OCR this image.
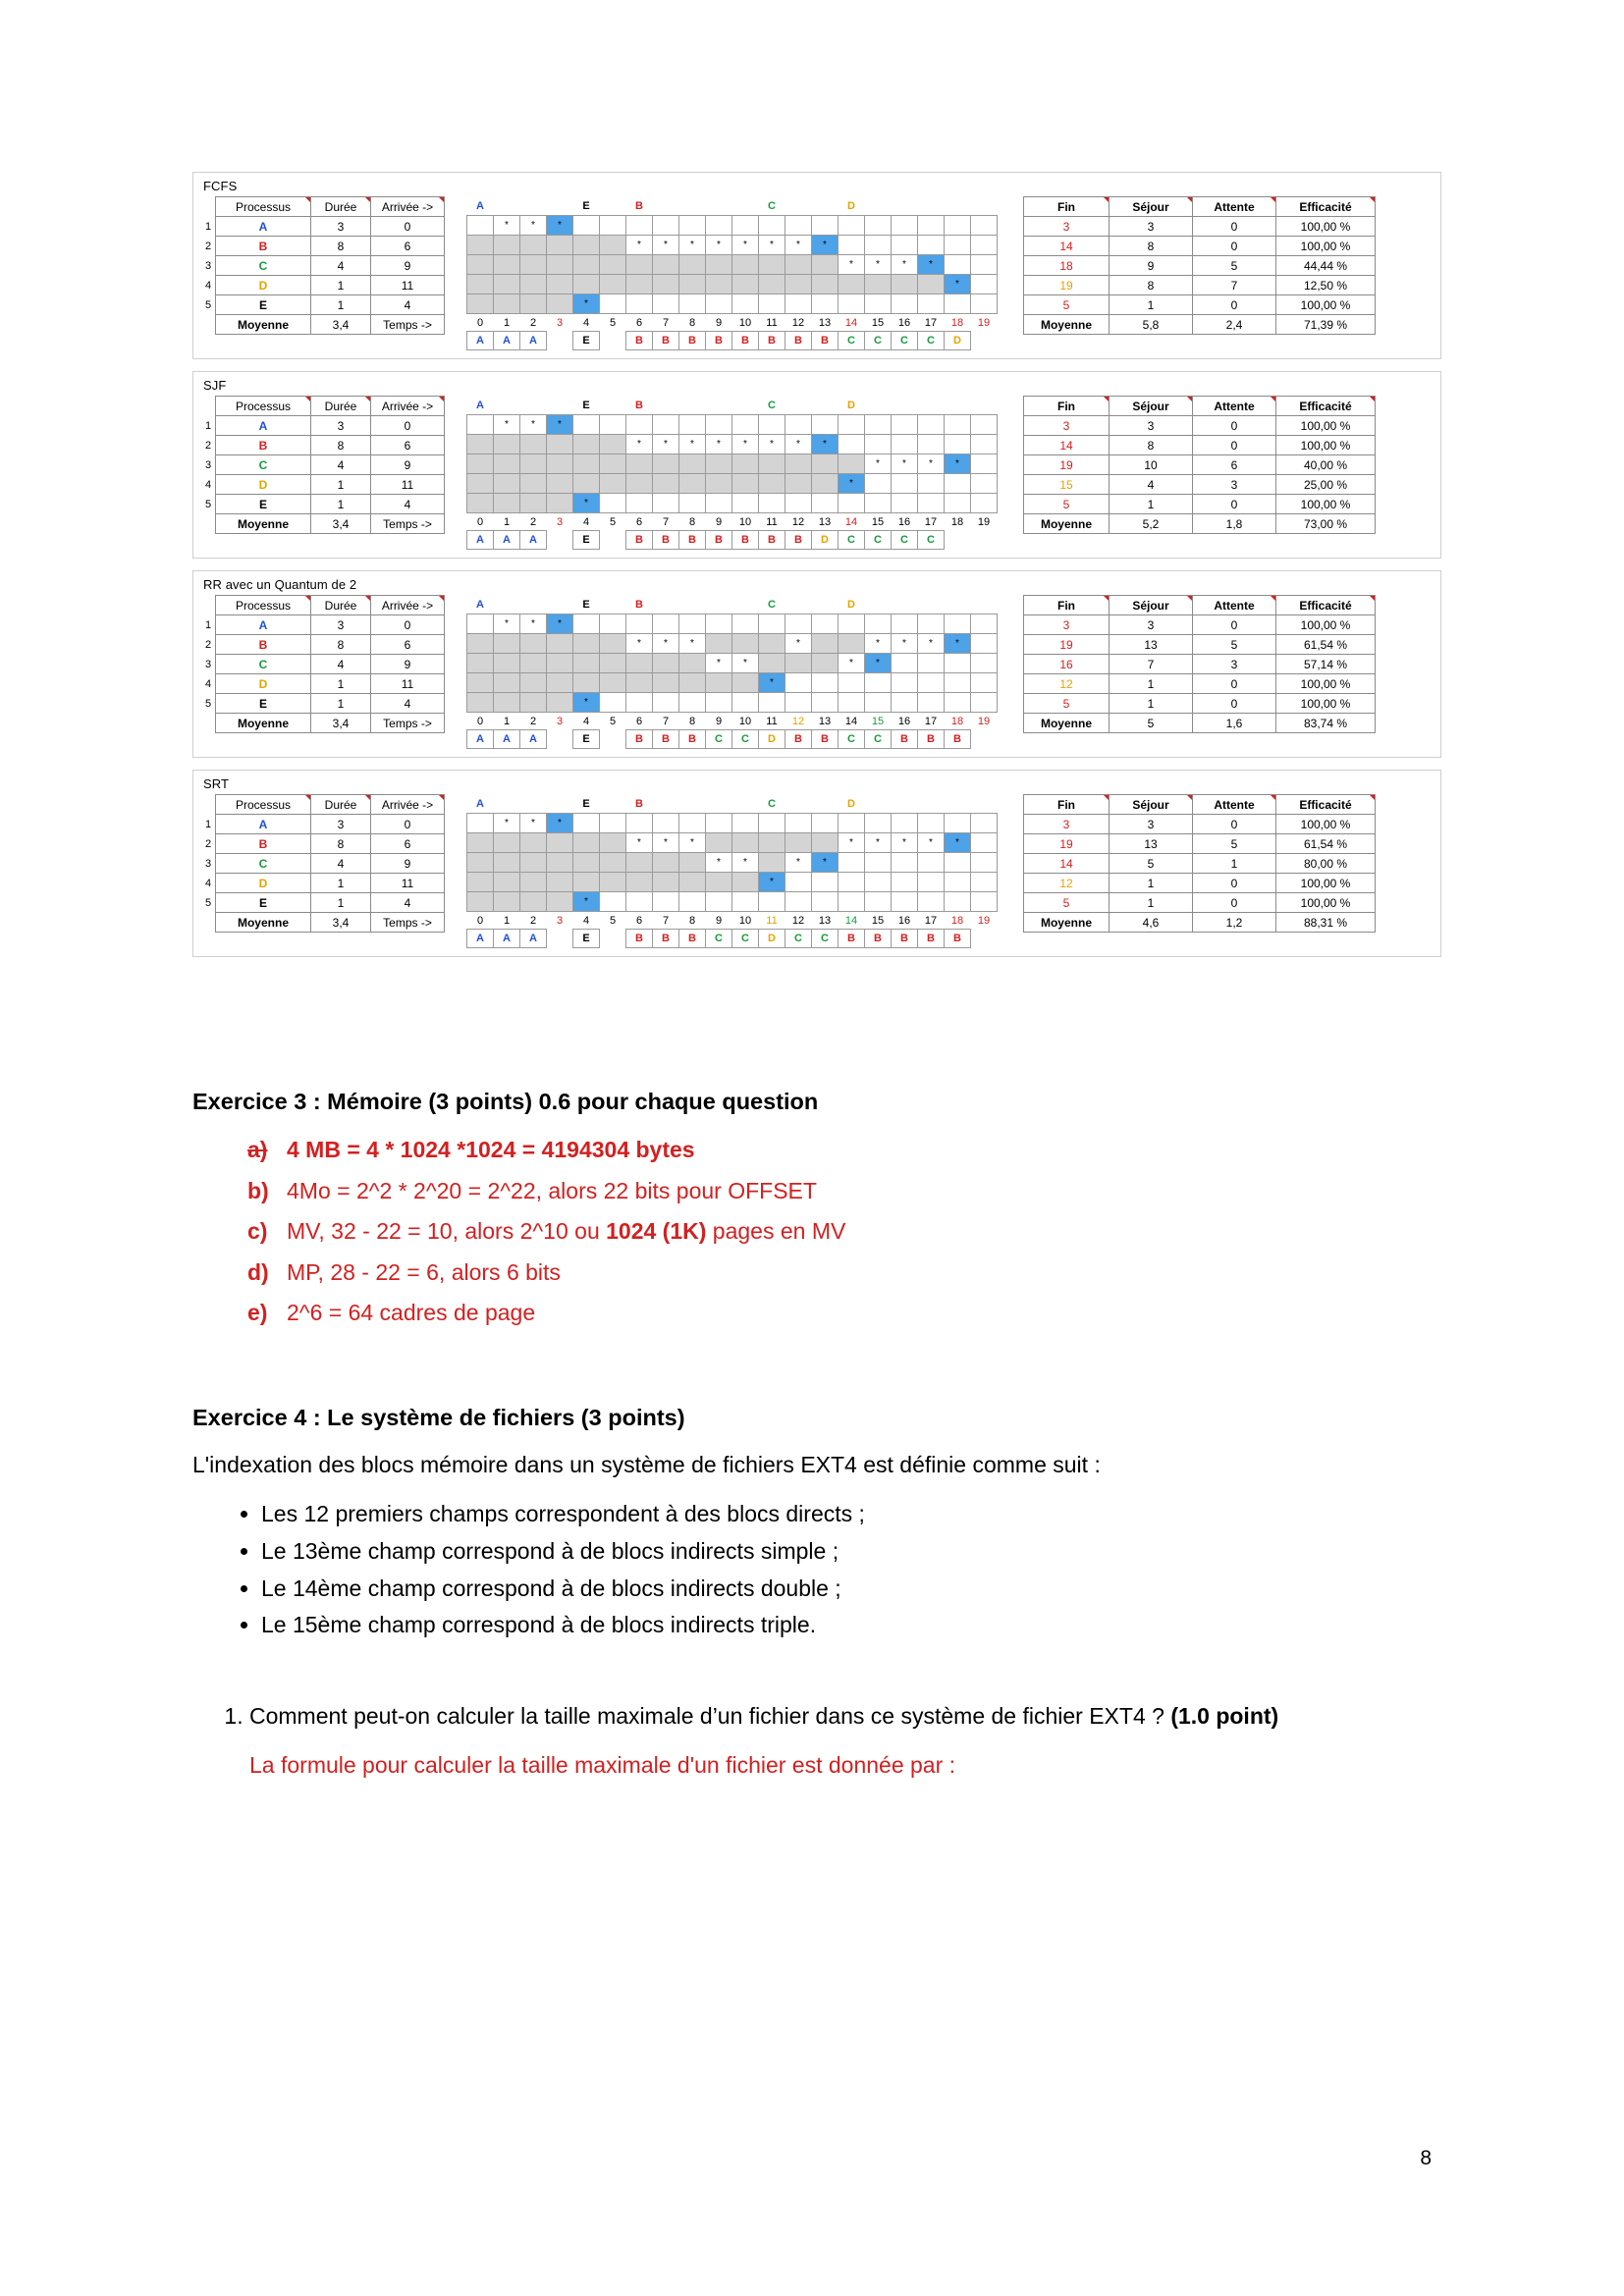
FCFS
	Processus	Durée	Arrivée ->
1	A	3	0
2	B	8	6
3	C	4	9
4	D	1	11
5	E	1	4
	Moyenne	3,4	Temps ->
A				E		B					C			D					
	*	*	*																
						*	*	*	*	*	*	*	*						
														*	*	*	*		
																		*	
				*															
0	1	2	3	4	5	6	7	8	9	10	11	12	13	14	15	16	17	18	19
A	A	A		E		B	B	B	B	B	B	B	B	C	C	C	C	D	
Fin	Séjour	Attente	Efficacité
3	3	0	100,00 %
14	8	0	100,00 %
18	9	5	44,44 %
19	8	7	12,50 %
5	1	0	100,00 %
Moyenne	5,8	2,4	71,39 %
SJF
	Processus	Durée	Arrivée ->
1	A	3	0
2	B	8	6
3	C	4	9
4	D	1	11
5	E	1	4
	Moyenne	3,4	Temps ->
A				E		B					C			D					
	*	*	*																
						*	*	*	*	*	*	*	*						
															*	*	*	*	
														*					
				*															
0	1	2	3	4	5	6	7	8	9	10	11	12	13	14	15	16	17	18	19
A	A	A		E		B	B	B	B	B	B	B	D	C	C	C	C		
Fin	Séjour	Attente	Efficacité
3	3	0	100,00 %
14	8	0	100,00 %
19	10	6	40,00 %
15	4	3	25,00 %
5	1	0	100,00 %
Moyenne	5,2	1,8	73,00 %
RR avec un Quantum de 2
	Processus	Durée	Arrivée ->
1	A	3	0
2	B	8	6
3	C	4	9
4	D	1	11
5	E	1	4
	Moyenne	3,4	Temps ->
A				E		B					C			D					
	*	*	*																
						*	*	*				*			*	*	*	*	
									*	*				*	*				
											*								
				*															
0	1	2	3	4	5	6	7	8	9	10	11	12	13	14	15	16	17	18	19
A	A	A		E		B	B	B	C	C	D	B	B	C	C	B	B	B	
Fin	Séjour	Attente	Efficacité
3	3	0	100,00 %
19	13	5	61,54 %
16	7	3	57,14 %
12	1	0	100,00 %
5	1	0	100,00 %
Moyenne	5	1,6	83,74 %
SRT
	Processus	Durée	Arrivée ->
1	A	3	0
2	B	8	6
3	C	4	9
4	D	1	11
5	E	1	4
	Moyenne	3,4	Temps ->
A				E		B					C			D					
	*	*	*																
						*	*	*						*	*	*	*	*	
									*	*		*	*						
											*								
				*															
0	1	2	3	4	5	6	7	8	9	10	11	12	13	14	15	16	17	18	19
A	A	A		E		B	B	B	C	C	D	C	C	B	B	B	B	B	
Fin	Séjour	Attente	Efficacité
3	3	0	100,00 %
19	13	5	61,54 %
14	5	1	80,00 %
12	1	0	100,00 %
5	1	0	100,00 %
Moyenne	4,6	1,2	88,31 %
Exercice 3 : Mémoire (3 points) 0.6 pour chaque question
a) 4 MB = 4 * 1024 *1024 = 4194304 bytes
b) 4Mo = 2^2 * 2^20 = 2^22, alors 22 bits pour OFFSET
c) MV, 32 - 22 = 10, alors 2^10 ou 1024 (1K) pages en MV
d) MP, 28 - 22 = 6, alors 6 bits
e) 2^6 = 64 cadres de page
Exercice 4 : Le système de fichiers (3 points)

L'indexation des blocs mémoire dans un système de fichiers EXT4 est définie comme suit :

• Les 12 premiers champs correspondent à des blocs directs ;
• Le 13ème champ correspond à de blocs indirects simple ;
• Le 14ème champ correspond à de blocs indirects double ;
• Le 15ème champ correspond à de blocs indirects triple.
1. Comment peut-on calculer la taille maximale d’un fichier dans ce système de fichier EXT4 ? (1.0 point)

La formule pour calculer la taille maximale d'un fichier est donnée par :

8
